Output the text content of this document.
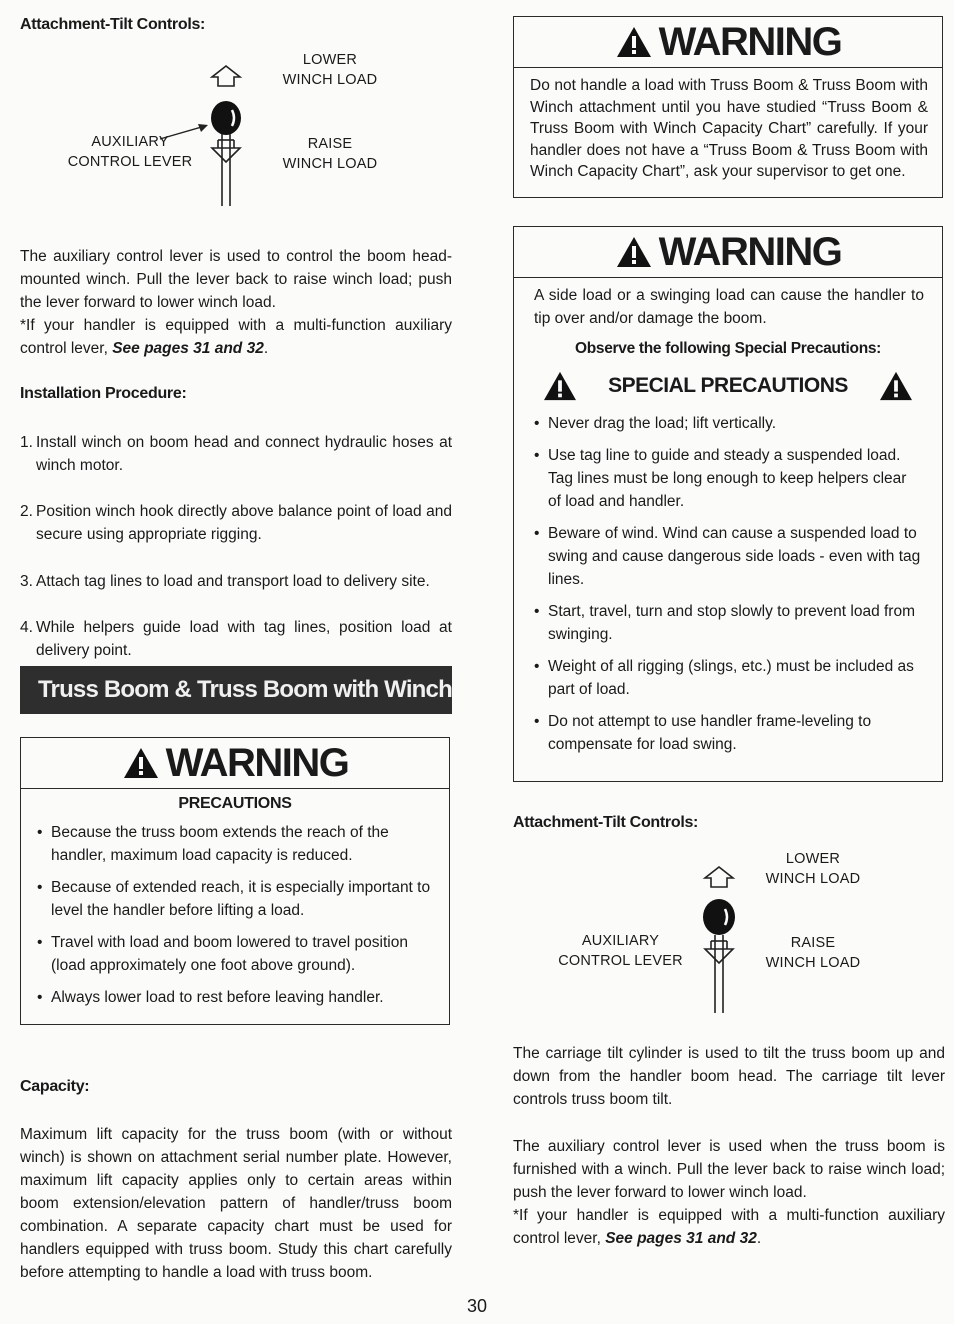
Attachment-Tilt Controls:
LOWER
WINCH LOAD
AUXILIARY
CONTROL LEVER
RAISE
WINCH LOAD
The auxiliary control lever is used to control the boom head-mounted winch. Pull the lever back to raise winch load; push the lever forward to lower winch load.
*If your handler is equipped with a multi-function auxiliary control lever, See pages 31 and 32.
Installation Procedure:
1. Install winch on boom head and connect hydraulic hoses at winch motor.
2. Position winch hook directly above balance point of load and secure using appropriate rigging.
3. Attach tag lines to load and transport load to delivery site.
4. While helpers guide load with tag lines, position load at delivery point.
Truss Boom & Truss Boom with Winch
WARNING
PRECAUTIONS
• Because the truss boom extends the reach of the handler, maximum load capacity is reduced.
• Because of extended reach, it is especially important to level the handler before lifting a load.
• Travel with load and boom lowered to travel position (load approximately one foot above ground).
• Always lower load to rest before leaving handler.
Capacity:
Maximum lift capacity for the truss boom (with or without winch) is shown on attachment serial number plate. However, maximum lift capacity applies only to certain areas within boom extension/elevation pattern of handler/truss boom combination. A separate capacity chart must be used for handlers equipped with truss boom. Study this chart carefully before attempting to handle a load with truss boom.
WARNING
Do not handle a load with Truss Boom & Truss Boom with Winch attachment until you have studied “Truss Boom & Truss Boom with Winch Capacity Chart” carefully. If your handler does not have a “Truss Boom & Truss Boom with Winch Capacity Chart”, ask your supervisor to get one.
WARNING
A side load or a swinging load can cause the handler to tip over and/or damage the boom.
Observe the following Special Precautions:
SPECIAL PRECAUTIONS
• Never drag the load; lift vertically.
• Use tag line to guide and steady a suspended load. Tag lines must be long enough to keep helpers clear of load and handler.
• Beware of wind. Wind can cause a suspended load to swing and cause dangerous side loads - even with tag lines.
• Start, travel, turn and stop slowly to prevent load from swinging.
• Weight of all rigging (slings, etc.) must be included as part of load.
• Do not attempt to use handler frame-leveling to compensate for load swing.
Attachment-Tilt Controls:
LOWER
WINCH LOAD
AUXILIARY
CONTROL LEVER
RAISE
WINCH LOAD
The carriage tilt cylinder is used to tilt the truss boom up and down from the handler boom head. The carriage tilt lever controls truss boom tilt.
The auxiliary control lever is used when the truss boom is furnished with a winch. Pull the lever back to raise winch load; push the lever forward to lower winch load.
*If your handler is equipped with a multi-function auxiliary control lever, See pages 31 and 32.
30
